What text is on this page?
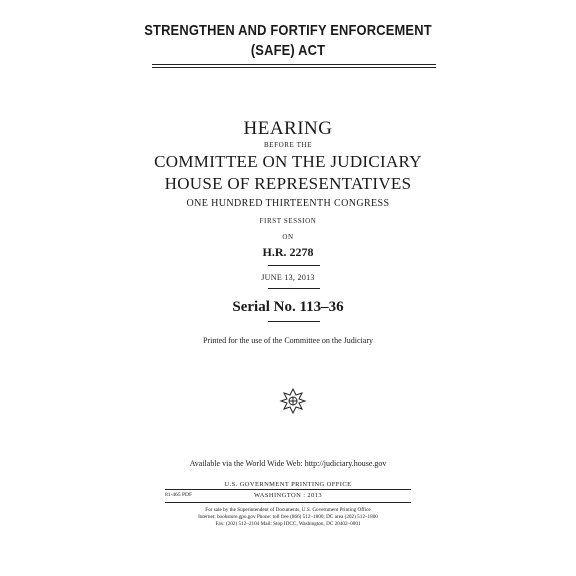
STRENGTHEN AND FORTIFY ENFORCEMENT
(SAFE) ACT
HEARING
BEFORE THE
COMMITTEE ON THE JUDICIARY
HOUSE OF REPRESENTATIVES
ONE HUNDRED THIRTEENTH CONGRESS
FIRST SESSION
ON
H.R. 2278
JUNE 13, 2013
Serial No. 113–36
Printed for the use of the Committee on the Judiciary
Available via the World Wide Web: http://judiciary.house.gov
U.S. GOVERNMENT PRINTING OFFICE
81-465 PDF	WASHINGTON : 2013
For sale by the Superintendent of Documents, U.S. Government Printing Office
Internet: bookstore.gpo.gov Phone: toll free (866) 512–1800; DC area (202) 512–1800
Fax: (202) 512–2104 Mail: Stop IDCC, Washington, DC 20402–0001
